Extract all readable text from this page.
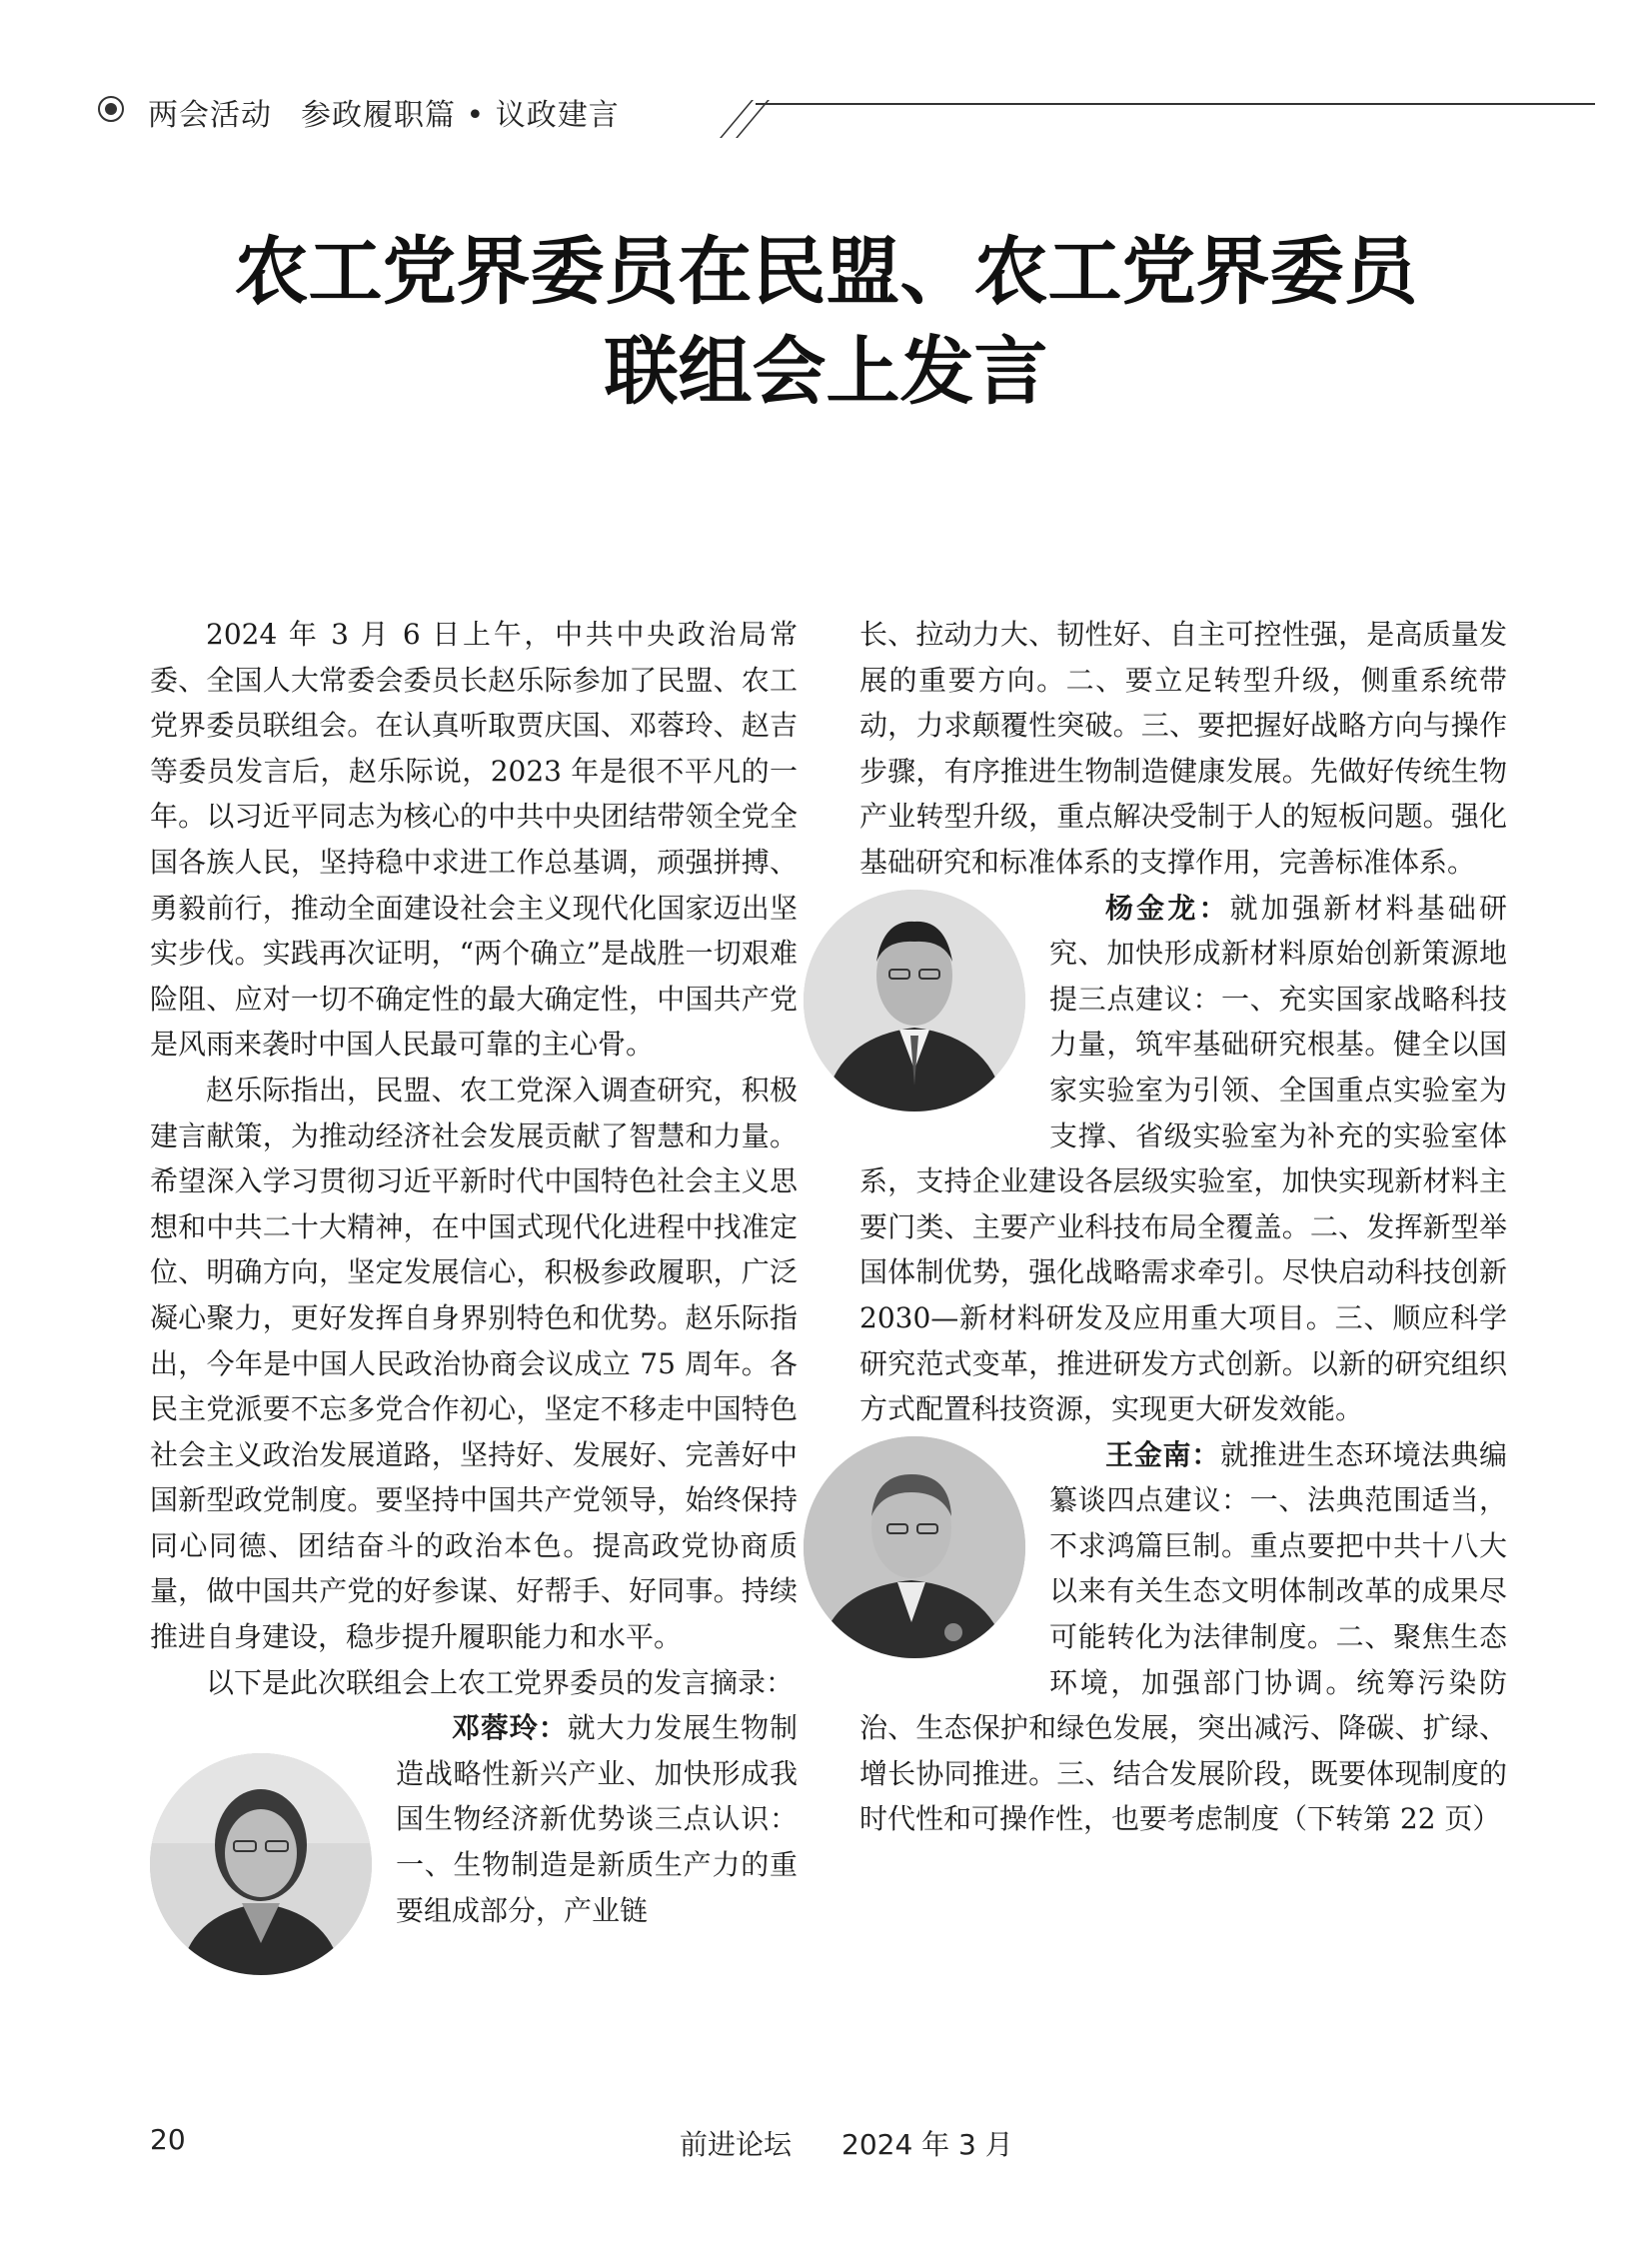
两会活动 参政履职篇 • 议政建言
农工党界委员在民盟、农工党界委员
联组会上发言

2024 年 3 月 6 日上午，中共中央政治局常委、全国人大常委会委员长赵乐际参加了民盟、农工党界委员联组会。在认真听取贾庆国、邓蓉玲、赵吉等委员发言后，赵乐际说，2023 年是很不平凡的一年。以习近平同志为核心的中共中央团结带领全党全国各族人民，坚持稳中求进工作总基调，顽强拼搏、勇毅前行，推动全面建设社会主义现代化国家迈出坚实步伐。实践再次证明，“两个确立”是战胜一切艰难险阻、应对一切不确定性的最大确定性，中国共产党是风雨来袭时中国人民最可靠的主心骨。

赵乐际指出，民盟、农工党深入调查研究，积极建言献策，为推动经济社会发展贡献了智慧和力量。希望深入学习贯彻习近平新时代中国特色社会主义思想和中共二十大精神，在中国式现代化进程中找准定位、明确方向，坚定发展信心，积极参政履职，广泛凝心聚力，更好发挥自身界别特色和优势。赵乐际指出，今年是中国人民政治协商会议成立 75 周年。各民主党派要不忘多党合作初心，坚定不移走中国特色社会主义政治发展道路，坚持好、发展好、完善好中国新型政党制度。要坚持中国共产党领导，始终保持同心同德、团结奋斗的政治本色。提高政党协商质量，做中国共产党的好参谋、好帮手、好同事。持续推进自身建设，稳步提升履职能力和水平。

以下是此次联组会上农工党界委员的发言摘录：

邓蓉玲：就大力发展生物制造战略性新兴产业、加快形成我国生物经济新优势谈三点认识：一、生物制造是新质生产力的重要组成部分，产业链

长、拉动力大、韧性好、自主可控性强，是高质量发展的重要方向。二、要立足转型升级，侧重系统带动，力求颠覆性突破。三、要把握好战略方向与操作步骤，有序推进生物制造健康发展。先做好传统生物产业转型升级，重点解决受制于人的短板问题。强化基础研究和标准体系的支撑作用，完善标准体系。

杨金龙：就加强新材料基础研究、加快形成新材料原始创新策源地提三点建议：一、充实国家战略科技力量，筑牢基础研究根基。健全以国家实验室为引领、全国重点实验室为支撑、省级实验室为补充的实验室体系，支持企业建设各层级实验室，加快实现新材料主要门类、主要产业科技布局全覆盖。二、发挥新型举国体制优势，强化战略需求牵引。尽快启动科技创新 2030—新材料研发及应用重大项目。三、顺应科学研究范式变革，推进研发方式创新。以新的研究组织方式配置科技资源，实现更大研发效能。

王金南：就推进生态环境法典编纂谈四点建议：一、法典范围适当，不求鸿篇巨制。重点要把中共十八大以来有关生态文明体制改革的成果尽可能转化为法律制度。二、聚焦生态环境，加强部门协调。统筹污染防治、生态保护和绿色发展，突出减污、降碳、扩绿、增长协同推进。三、结合发展阶段，既要体现制度的时代性和可操作性，也要考虑制度（下转第 22 页）

20	前进论坛 2024 年 3 月
